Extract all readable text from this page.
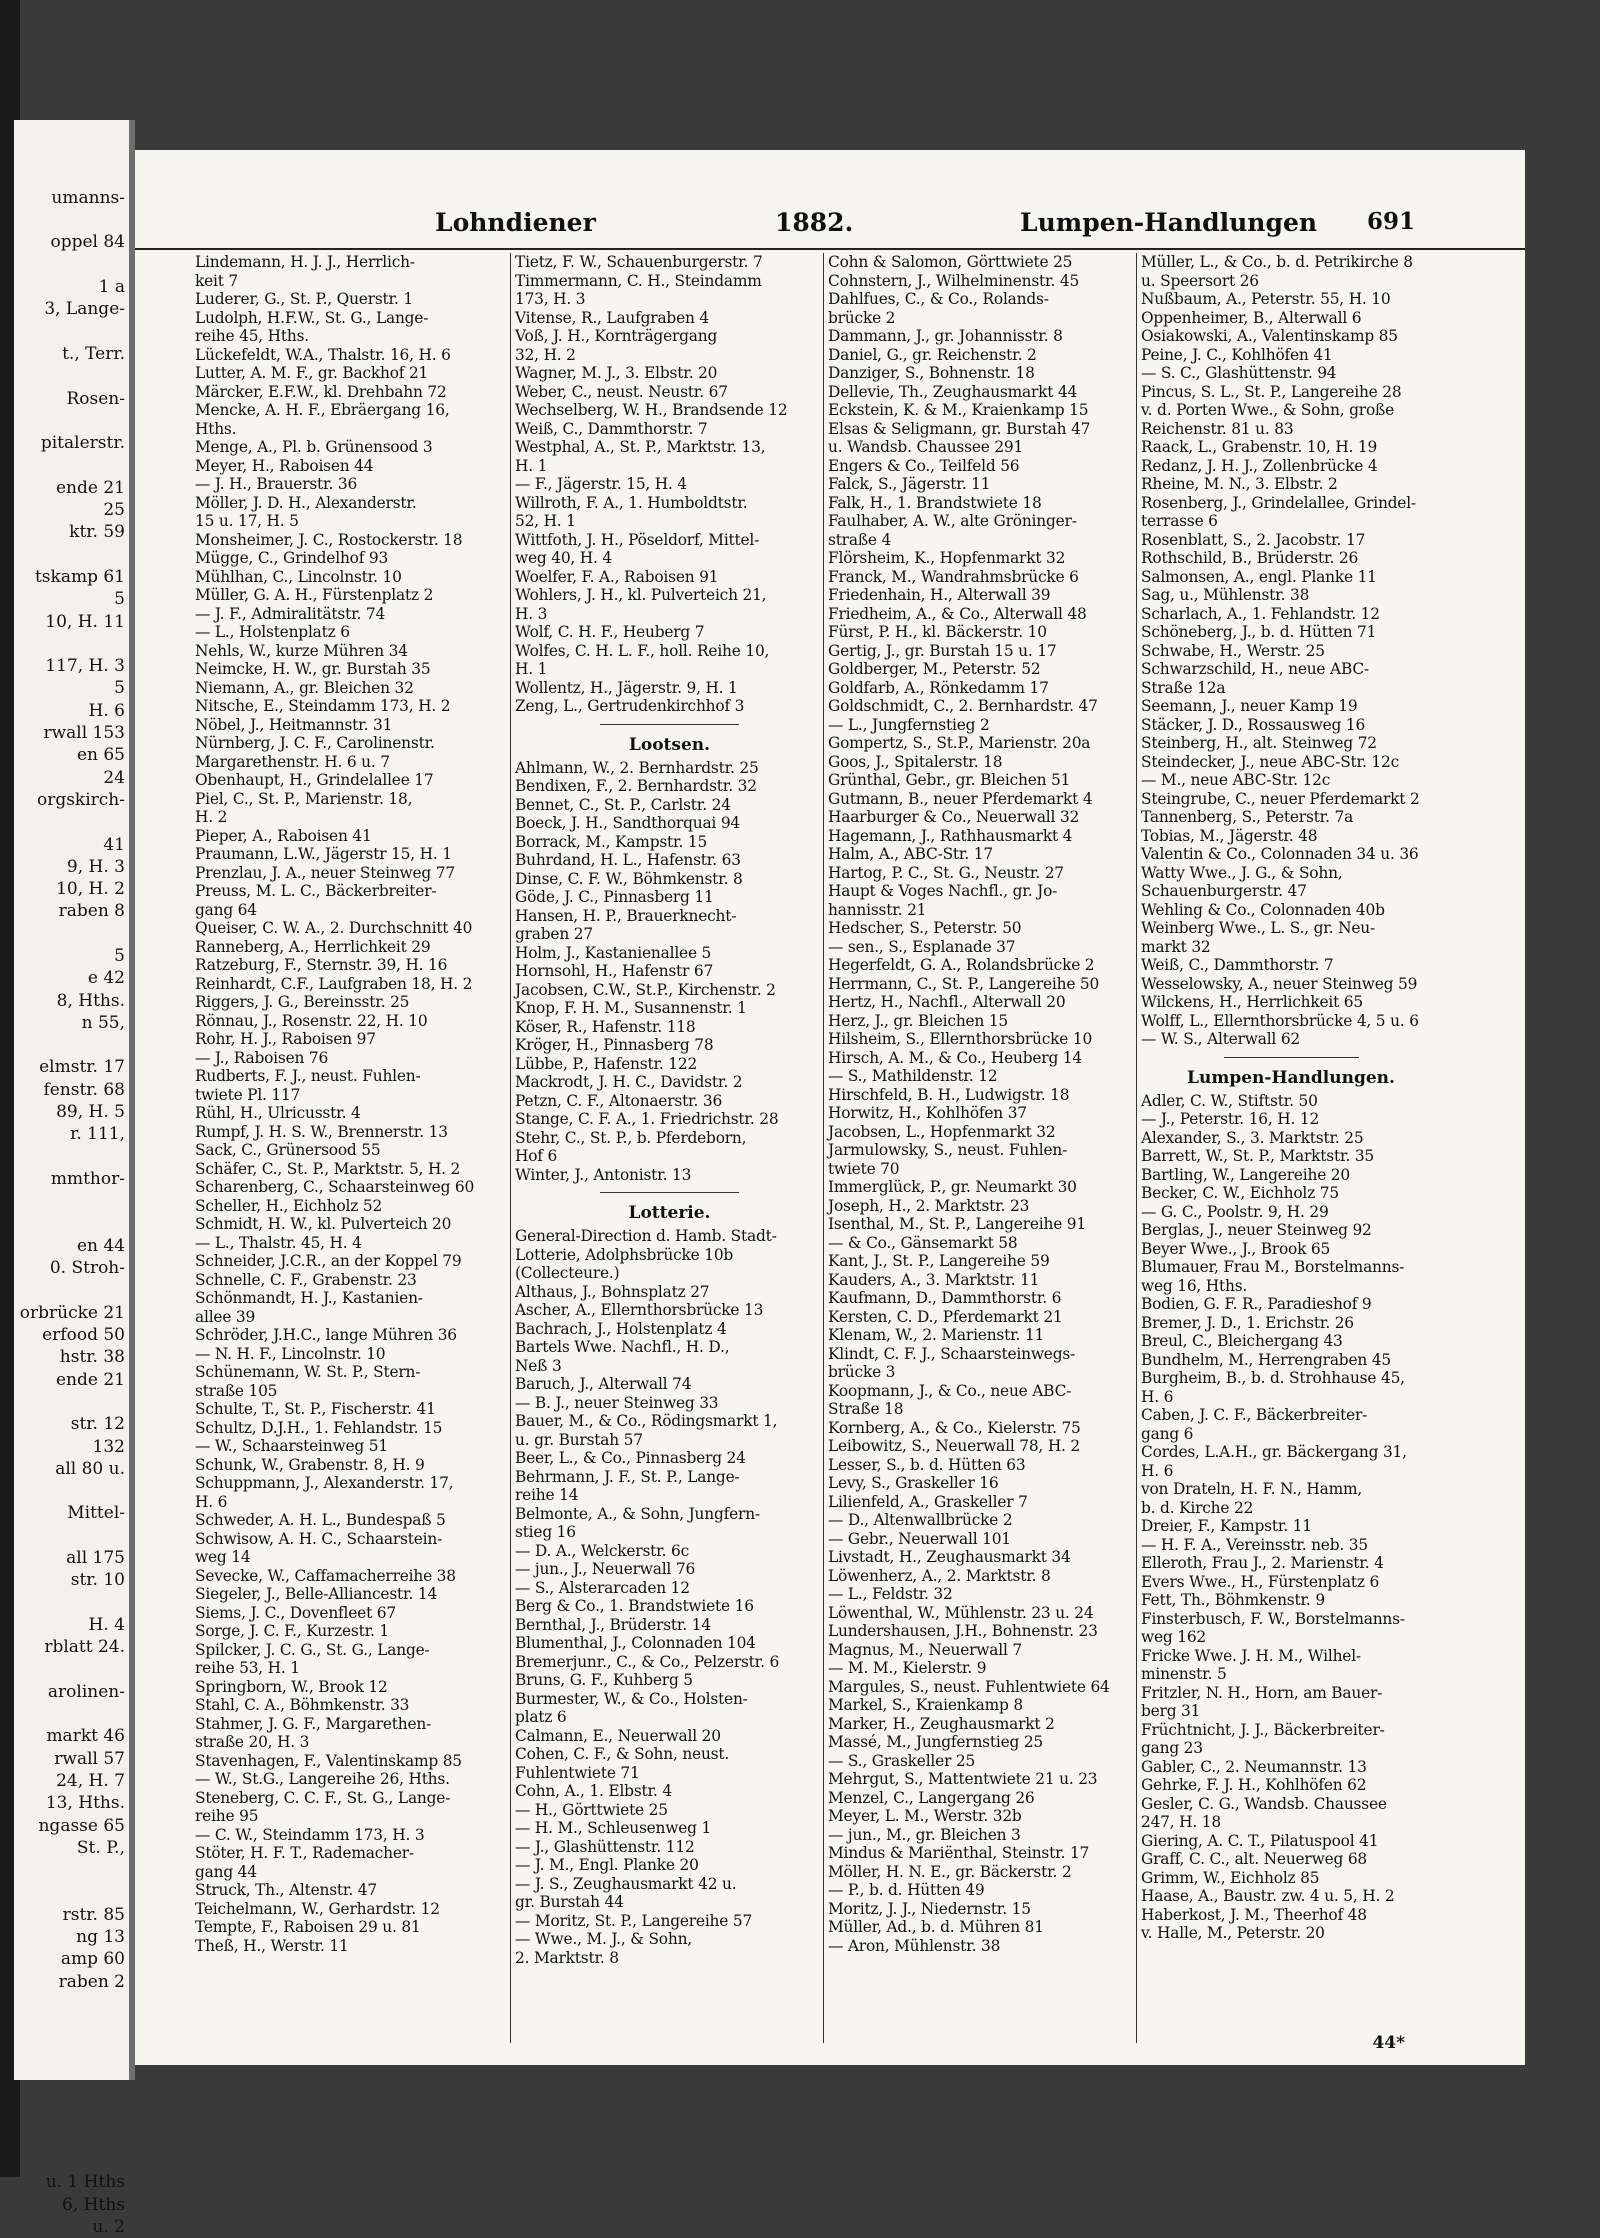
umanns-

oppel 84

1 a
3, Lange-

t., Terr.

Rosen-

pitalerstr.

ende 21
25
ktr. 59

tskamp 61
5
10, H. 11

117, H. 3
5
H. 6
rwall 153
en 65
24
orgskirch-

41
9, H. 3
10, H. 2
raben 8

5
e 42
8, Hths.
n 55,

elmstr. 17
fenstr. 68
89, H. 5
r. 111,

mmthor-

en 44
0. Stroh-

orbrücke 21
erfood 50
hstr. 38
ende 21

str. 12
132
all 80 u.

Mittel-

all 175
str. 10

H. 4
rblatt 24.

arolinen-

markt 46
rwall 57
24, H. 7
13, Hths.
ngasse 65
St. P.,

rstr. 85
ng 13
amp 60
raben 2

u. 1 Hths
6, Hths
u. 2
Lohndiener	1882.	Lumpen-Handlungen 691
Lindemann, H. J. J., Herrlich-
keit 7
Luderer, G., St. P., Querstr. 1
Ludolph, H.F.W., St. G., Lange-
reihe 45, Hths.
Lückefeldt, W.A., Thalstr. 16, H. 6
Lutter, A. M. F., gr. Backhof 21
Märcker, E.F.W., kl. Drehbahn 72
Mencke, A. H. F., Ebräergang 16,
Hths.
Menge, A., Pl. b. Grünensood 3
Meyer, H., Raboisen 44
— J. H., Brauerstr. 36
Möller, J. D. H., Alexanderstr.
15 u. 17, H. 5
Monsheimer, J. C., Rostockerstr. 18
Mügge, C., Grindelhof 93
Mühlhan, C., Lincolnstr. 10
Müller, G. A. H., Fürstenplatz 2
— J. F., Admiralitätstr. 74
— L., Holstenplatz 6
Nehls, W., kurze Mühren 34
Neimcke, H. W., gr. Burstah 35
Niemann, A., gr. Bleichen 32
Nitsche, E., Steindamm 173, H. 2
Nöbel, J., Heitmannstr. 31
Nürnberg, J. C. F., Carolinenstr.
Margarethenstr. H. 6 u. 7
Obenhaupt, H., Grindelallee 17
Piel, C., St. P., Marienstr. 18,
H. 2
Pieper, A., Raboisen 41
Praumann, L.W., Jägerstr 15, H. 1
Prenzlau, J. A., neuer Steinweg 77
Preuss, M. L. C., Bäckerbreiter-
gang 64
Queiser, C. W. A., 2. Durchschnitt 40
Ranneberg, A., Herrlichkeit 29
Ratzeburg, F., Sternstr. 39, H. 16
Reinhardt, C.F., Laufgraben 18, H. 2
Riggers, J. G., Bereinsstr. 25
Rönnau, J., Rosenstr. 22, H. 10
Rohr, H. J., Raboisen 97
— J., Raboisen 76
Rudberts, F. J., neust. Fuhlen-
twiete Pl. 117
Rühl, H., Ulricusstr. 4
Rumpf, J. H. S. W., Brennerstr. 13
Sack, C., Grünersood 55
Schäfer, C., St. P., Marktstr. 5, H. 2
Scharenberg, C., Schaarsteinweg 60
Scheller, H., Eichholz 52
Schmidt, H. W., kl. Pulverteich 20
— L., Thalstr. 45, H. 4
Schneider, J.C.R., an der Koppel 79
Schnelle, C. F., Grabenstr. 23
Schönmandt, H. J., Kastanien-
allee 39
Schröder, J.H.C., lange Mühren 36
— N. H. F., Lincolnstr. 10
Schünemann, W. St. P., Stern-
straße 105
Schulte, T., St. P., Fischerstr. 41
Schultz, D.J.H., 1. Fehlandstr. 15
— W., Schaarsteinweg 51
Schunk, W., Grabenstr. 8, H. 9
Schuppmann, J., Alexanderstr. 17,
H. 6
Schweder, A. H. L., Bundespaß 5
Schwisow, A. H. C., Schaarstein-
weg 14
Sevecke, W., Caffamacherreihe 38
Siegeler, J., Belle-Alliancestr. 14
Siems, J. C., Dovenfleet 67
Sorge, J. C. F., Kurzestr. 1
Spilcker, J. C. G., St. G., Lange-
reihe 53, H. 1
Springborn, W., Brook 12
Stahl, C. A., Böhmkenstr. 33
Stahmer, J. G. F., Margarethen-
straße 20, H. 3
Stavenhagen, F., Valentinskamp 85
— W., St.G., Langereihe 26, Hths.
Steneberg, C. C. F., St. G., Lange-
reihe 95
— C. W., Steindamm 173, H. 3
Stöter, H. F. T., Rademacher-
gang 44
Struck, Th., Altenstr. 47
Teichelmann, W., Gerhardstr. 12
Tempte, F., Raboisen 29 u. 81
Theß, H., Werstr. 11
Tietz, F. W., Schauenburgerstr. 7
Timmermann, C. H., Steindamm
173, H. 3
Vitense, R., Laufgraben 4
Voß, J. H., Kornträgergang
32, H. 2
Wagner, M. J., 3. Elbstr. 20
Weber, C., neust. Neustr. 67
Wechselberg, W. H., Brandsende 12
Weiß, C., Dammthorstr. 7
Westphal, A., St. P., Marktstr. 13,
H. 1
— F., Jägerstr. 15, H. 4
Willroth, F. A., 1. Humboldtstr.
52, H. 1
Wittfoth, J. H., Pöseldorf, Mittel-
weg 40, H. 4
Woelfer, F. A., Raboisen 91
Wohlers, J. H., kl. Pulverteich 21,
H. 3
Wolf, C. H. F., Heuberg 7
Wolfes, C. H. L. F., holl. Reihe 10,
H. 1
Wollentz, H., Jägerstr. 9, H. 1
Zeng, L., Gertrudenkirchhof 3
Lootsen.
Ahlmann, W., 2. Bernhardstr. 25
Bendixen, F., 2. Bernhardstr. 32
Bennet, C., St. P., Carlstr. 24
Boeck, J. H., Sandthorquai 94
Borrack, M., Kampstr. 15
Buhrdand, H. L., Hafenstr. 63
Dinse, C. F. W., Böhmkenstr. 8
Göde, J. C., Pinnasberg 11
Hansen, H. P., Brauerknecht-
graben 27
Holm, J., Kastanienallee 5
Hornsohl, H., Hafenstr 67
Jacobsen, C.W., St.P., Kirchenstr. 2
Knop, F. H. M., Susannenstr. 1
Köser, R., Hafenstr. 118
Kröger, H., Pinnasberg 78
Lübbe, P., Hafenstr. 122
Mackrodt, J. H. C., Davidstr. 2
Petzn, C. F., Altonaerstr. 36
Stange, C. F. A., 1. Friedrichstr. 28
Stehr, C., St. P., b. Pferdeborn,
Hof 6
Winter, J., Antonistr. 13
Lotterie.
General-Direction d. Hamb. Stadt-
Lotterie, Adolphsbrücke 10b
(Collecteure.)
Althaus, J., Bohnsplatz 27
Ascher, A., Ellernthorsbrücke 13
Bachrach, J., Holstenplatz 4
Bartels Wwe. Nachfl., H. D.,
Neß 3
Baruch, J., Alterwall 74
— B. J., neuer Steinweg 33
Bauer, M., & Co., Rödingsmarkt 1,
u. gr. Burstah 57
Beer, L., & Co., Pinnasberg 24
Behrmann, J. F., St. P., Lange-
reihe 14
Belmonte, A., & Sohn, Jungfern-
stieg 16
— D. A., Welckerstr. 6c
— jun., J., Neuerwall 76
— S., Alsterarcaden 12
Berg & Co., 1. Brandstwiete 16
Bernthal, J., Brüderstr. 14
Blumenthal, J., Colonnaden 104
Bremerjunr., C., & Co., Pelzerstr. 6
Bruns, G. F., Kuhberg 5
Burmester, W., & Co., Holsten-
platz 6
Calmann, E., Neuerwall 20
Cohen, C. F., & Sohn, neust.
Fuhlentwiete 71
Cohn, A., 1. Elbstr. 4
— H., Görttwiete 25
— H. M., Schleusenweg 1
— J., Glashüttenstr. 112
— J. M., Engl. Planke 20
— J. S., Zeughausmarkt 42 u.
gr. Burstah 44
— Moritz, St. P., Langereihe 57
— Wwe., M. J., & Sohn,
2. Marktstr. 8
Cohn & Salomon, Görttwiete 25
Cohnstern, J., Wilhelminenstr. 45
Dahlfues, C., & Co., Rolands-
brücke 2
Dammann, J., gr. Johannisstr. 8
Daniel, G., gr. Reichenstr. 2
Danziger, S., Bohnenstr. 18
Dellevie, Th., Zeughausmarkt 44
Eckstein, K. & M., Kraienkamp 15
Elsas & Seligmann, gr. Burstah 47
u. Wandsb. Chaussee 291
Engers & Co., Teilfeld 56
Falck, S., Jägerstr. 11
Falk, H., 1. Brandstwiete 18
Faulhaber, A. W., alte Gröninger-
straße 4
Flörsheim, K., Hopfenmarkt 32
Franck, M., Wandrahmsbrücke 6
Friedenhain, H., Alterwall 39
Friedheim, A., & Co., Alterwall 48
Fürst, P. H., kl. Bäckerstr. 10
Gertig, J., gr. Burstah 15 u. 17
Goldberger, M., Peterstr. 52
Goldfarb, A., Rönkedamm 17
Goldschmidt, C., 2. Bernhardstr. 47
— L., Jungfernstieg 2
Gompertz, S., St.P., Marienstr. 20a
Goos, J., Spitalerstr. 18
Grünthal, Gebr., gr. Bleichen 51
Gutmann, B., neuer Pferdemarkt 4
Haarburger & Co., Neuerwall 32
Hagemann, J., Rathhausmarkt 4
Halm, A., ABC-Str. 17
Hartog, P. C., St. G., Neustr. 27
Haupt & Voges Nachfl., gr. Jo-
hannisstr. 21
Hedscher, S., Peterstr. 50
— sen., S., Esplanade 37
Hegerfeldt, G. A., Rolandsbrücke 2
Herrmann, C., St. P., Langereihe 50
Hertz, H., Nachfl., Alterwall 20
Herz, J., gr. Bleichen 15
Hilsheim, S., Ellernthorsbrücke 10
Hirsch, A. M., & Co., Heuberg 14
— S., Mathildenstr. 12
Hirschfeld, B. H., Ludwigstr. 18
Horwitz, H., Kohlhöfen 37
Jacobsen, L., Hopfenmarkt 32
Jarmulowsky, S., neust. Fuhlen-
twiete 70
Immerglück, P., gr. Neumarkt 30
Joseph, H., 2. Marktstr. 23
Isenthal, M., St. P., Langereihe 91
— & Co., Gänsemarkt 58
Kant, J., St. P., Langereihe 59
Kauders, A., 3. Marktstr. 11
Kaufmann, D., Dammthorstr. 6
Kersten, C. D., Pferdemarkt 21
Klenam, W., 2. Marienstr. 11
Klindt, C. F. J., Schaarsteinwegs-
brücke 3
Koopmann, J., & Co., neue ABC-
Straße 18
Kornberg, A., & Co., Kielerstr. 75
Leibowitz, S., Neuerwall 78, H. 2
Lesser, S., b. d. Hütten 63
Levy, S., Graskeller 16
Lilienfeld, A., Graskeller 7
— D., Altenwallbrücke 2
— Gebr., Neuerwall 101
Livstadt, H., Zeughausmarkt 34
Löwenherz, A., 2. Marktstr. 8
— L., Feldstr. 32
Löwenthal, W., Mühlenstr. 23 u. 24
Lundershausen, J.H., Bohnenstr. 23
Magnus, M., Neuerwall 7
— M. M., Kielerstr. 9
Margules, S., neust. Fuhlentwiete 64
Markel, S., Kraienkamp 8
Marker, H., Zeughausmarkt 2
Massé, M., Jungfernstieg 25
— S., Graskeller 25
Mehrgut, S., Mattentwiete 21 u. 23
Menzel, C., Langergang 26
Meyer, L. M., Werstr. 32b
— jun., M., gr. Bleichen 3
Mindus & Mariënthal, Steinstr. 17
Möller, H. N. E., gr. Bäckerstr. 2
— P., b. d. Hütten 49
Moritz, J. J., Niedernstr. 15
Müller, Ad., b. d. Mühren 81
— Aron, Mühlenstr. 38
Müller, L., & Co., b. d. Petrikirche 8
u. Speersort 26
Nußbaum, A., Peterstr. 55, H. 10
Oppenheimer, B., Alterwall 6
Osiakowski, A., Valentinskamp 85
Peine, J. C., Kohlhöfen 41
— S. C., Glashüttenstr. 94
Pincus, S. L., St. P., Langereihe 28
v. d. Porten Wwe., & Sohn, große
Reichenstr. 81 u. 83
Raack, L., Grabenstr. 10, H. 19
Redanz, J. H. J., Zollenbrücke 4
Rheine, M. N., 3. Elbstr. 2
Rosenberg, J., Grindelallee, Grindel-
terrasse 6
Rosenblatt, S., 2. Jacobstr. 17
Rothschild, B., Brüderstr. 26
Salmonsen, A., engl. Planke 11
Sag, u., Mühlenstr. 38
Scharlach, A., 1. Fehlandstr. 12
Schöneberg, J., b. d. Hütten 71
Schwabe, H., Werstr. 25
Schwarzschild, H., neue ABC-
Straße 12a
Seemann, J., neuer Kamp 19
Stäcker, J. D., Rossausweg 16
Steinberg, H., alt. Steinweg 72
Steindecker, J., neue ABC-Str. 12c
— M., neue ABC-Str. 12c
Steingrube, C., neuer Pferdemarkt 2
Tannenberg, S., Peterstr. 7a
Tobias, M., Jägerstr. 48
Valentin & Co., Colonnaden 34 u. 36
Watty Wwe., J. G., & Sohn,
Schauenburgerstr. 47
Wehling & Co., Colonnaden 40b
Weinberg Wwe., L. S., gr. Neu-
markt 32
Weiß, C., Dammthorstr. 7
Wesselowsky, A., neuer Steinweg 59
Wilckens, H., Herrlichkeit 65
Wolff, L., Ellernthorsbrücke 4, 5 u. 6
— W. S., Alterwall 62
Lumpen-Handlungen.
Adler, C. W., Stiftstr. 50
— J., Peterstr. 16, H. 12
Alexander, S., 3. Marktstr. 25
Barrett, W., St. P., Marktstr. 35
Bartling, W., Langereihe 20
Becker, C. W., Eichholz 75
— G. C., Poolstr. 9, H. 29
Berglas, J., neuer Steinweg 92
Beyer Wwe., J., Brook 65
Blumauer, Frau M., Borstelmanns-
weg 16, Hths.
Bodien, G. F. R., Paradieshof 9
Bremer, J. D., 1. Erichstr. 26
Breul, C., Bleichergang 43
Bundhelm, M., Herrengraben 45
Burgheim, B., b. d. Strohhause 45,
H. 6
Caben, J. C. F., Bäckerbreiter-
gang 6
Cordes, L.A.H., gr. Bäckergang 31,
H. 6
von Drateln, H. F. N., Hamm,
b. d. Kirche 22
Dreier, F., Kampstr. 11
— H. F. A., Vereinsstr. neb. 35
Elleroth, Frau J., 2. Marienstr. 4
Evers Wwe., H., Fürstenplatz 6
Fett, Th., Böhmkenstr. 9
Finsterbusch, F. W., Borstelmanns-
weg 162
Fricke Wwe. J. H. M., Wilhel-
minenstr. 5
Fritzler, N. H., Horn, am Bauer-
berg 31
Früchtnicht, J. J., Bäckerbreiter-
gang 23
Gabler, C., 2. Neumannstr. 13
Gehrke, F. J. H., Kohlhöfen 62
Gesler, C. G., Wandsb. Chaussee
247, H. 18
Giering, A. C. T., Pilatuspool 41
Graff, C. C., alt. Neuerweg 68
Grimm, W., Eichholz 85
Haase, A., Baustr. zw. 4 u. 5, H. 2
Haberkost, J. M., Theerhof 48
v. Halle, M., Peterstr. 20
44*
